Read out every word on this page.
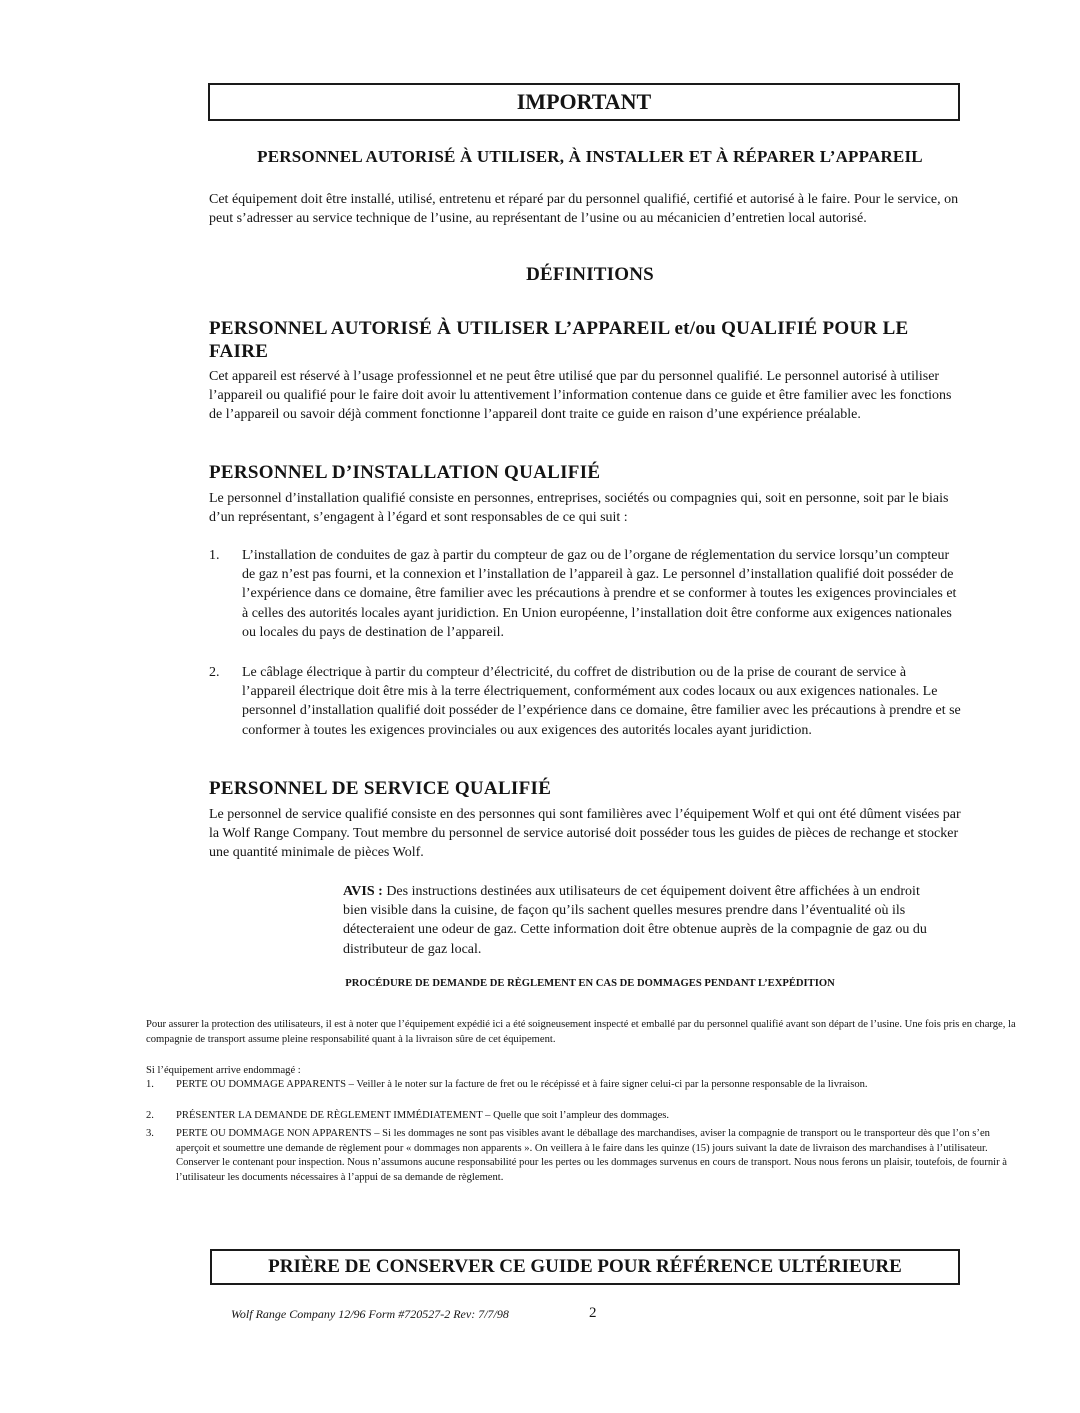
IMPORTANT
PERSONNEL AUTORISÉ À UTILISER, À INSTALLER ET À RÉPARER L’APPAREIL
Cet équipement doit être installé, utilisé, entretenu et réparé par du personnel qualifié, certifié et autorisé à le faire. Pour le service, on peut s’adresser au service technique de l’usine, au représentant de l’usine ou au mécanicien d’entretien local autorisé.
DÉFINITIONS
PERSONNEL AUTORISÉ À UTILISER L’APPAREIL et/ou QUALIFIÉ POUR LE FAIRE
Cet appareil est réservé à l’usage professionnel et ne peut être utilisé que par du personnel qualifié. Le personnel autorisé à utiliser l’appareil ou qualifié pour le faire doit avoir lu attentivement l’information contenue dans ce guide et être familier avec les fonctions de l’appareil ou savoir déjà comment fonctionne l’appareil dont traite ce guide en raison d’une expérience préalable.
PERSONNEL D’INSTALLATION QUALIFIÉ
Le personnel d’installation qualifié consiste en personnes, entreprises, sociétés ou compagnies qui, soit en personne, soit par le biais d’un représentant, s’engagent à l’égard et sont responsables de ce qui suit :
1. L’installation de conduites de gaz à partir du compteur de gaz ou de l’organe de réglementation du service lorsqu’un compteur de gaz n’est pas fourni, et la connexion et l’installation de l’appareil à gaz. Le personnel d’installation qualifié doit posséder de l’expérience dans ce domaine, être familier avec les précautions à prendre et se conformer à toutes les exigences provinciales et à celles des autorités locales ayant juridiction. En Union européenne, l’installation doit être conforme aux exigences nationales ou locales du pays de destination de l’appareil.
2. Le câblage électrique à partir du compteur d’électricité, du coffret de distribution ou de la prise de courant de service à l’appareil électrique doit être mis à la terre électriquement, conformément aux codes locaux ou aux exigences nationales. Le personnel d’installation qualifié doit posséder de l’expérience dans ce domaine, être familier avec les précautions à prendre et se conformer à toutes les exigences provinciales ou aux exigences des autorités locales ayant juridiction.
PERSONNEL DE SERVICE QUALIFIÉ
Le personnel de service qualifié consiste en des personnes qui sont familières avec l’équipement Wolf et qui ont été dûment visées par la Wolf Range Company. Tout membre du personnel de service autorisé doit posséder tous les guides de pièces de rechange et stocker une quantité minimale de pièces Wolf.
AVIS : Des instructions destinées aux utilisateurs de cet équipement doivent être affichées à un endroit bien visible dans la cuisine, de façon qu’ils sachent quelles mesures prendre dans l’éventualité où ils détecteraient une odeur de gaz. Cette information doit être obtenue auprès de la compagnie de gaz ou du distributeur de gaz local.
PROCÉDURE DE DEMANDE DE RÈGLEMENT EN CAS DE DOMMAGES PENDANT L’EXPÉDITION
Pour assurer la protection des utilisateurs, il est à noter que l’équipement expédié ici a été soigneusement inspecté et emballé par du personnel qualifié avant son départ de l’usine. Une fois pris en charge, la compagnie de transport assume pleine responsabilité quant à la livraison sûre de cet équipement.
Si l’équipement arrive endommagé :
1. PERTE OU DOMMAGE APPARENTS – Veiller à le noter sur la facture de fret ou le récépissé et à faire signer celui-ci par la personne responsable de la livraison.
2. PRÉSENTER LA DEMANDE DE RÈGLEMENT IMMÉDIATEMENT – Quelle que soit l’ampleur des dommages.
3. PERTE OU DOMMAGE NON APPARENTS – Si les dommages ne sont pas visibles avant le déballage des marchandises, aviser la compagnie de transport ou le transporteur dès que l’on s’en aperçoit et soumettre une demande de règlement pour « dommages non apparents ». On veillera à le faire dans les quinze (15) jours suivant la date de livraison des marchandises à l’utilisateur. Conserver le contenant pour inspection. Nous n’assumons aucune responsabilité pour les pertes ou les dommages survenus en cours de transport. Nous nous ferons un plaisir, toutefois, de fournir à l’utilisateur les documents nécessaires à l’appui de sa demande de règlement.
PRIÈRE DE CONSERVER CE GUIDE POUR RÉFÉRENCE ULTÉRIEURE
Wolf Range Company 12/96 Form #720527-2 Rev: 7/7/98	2
